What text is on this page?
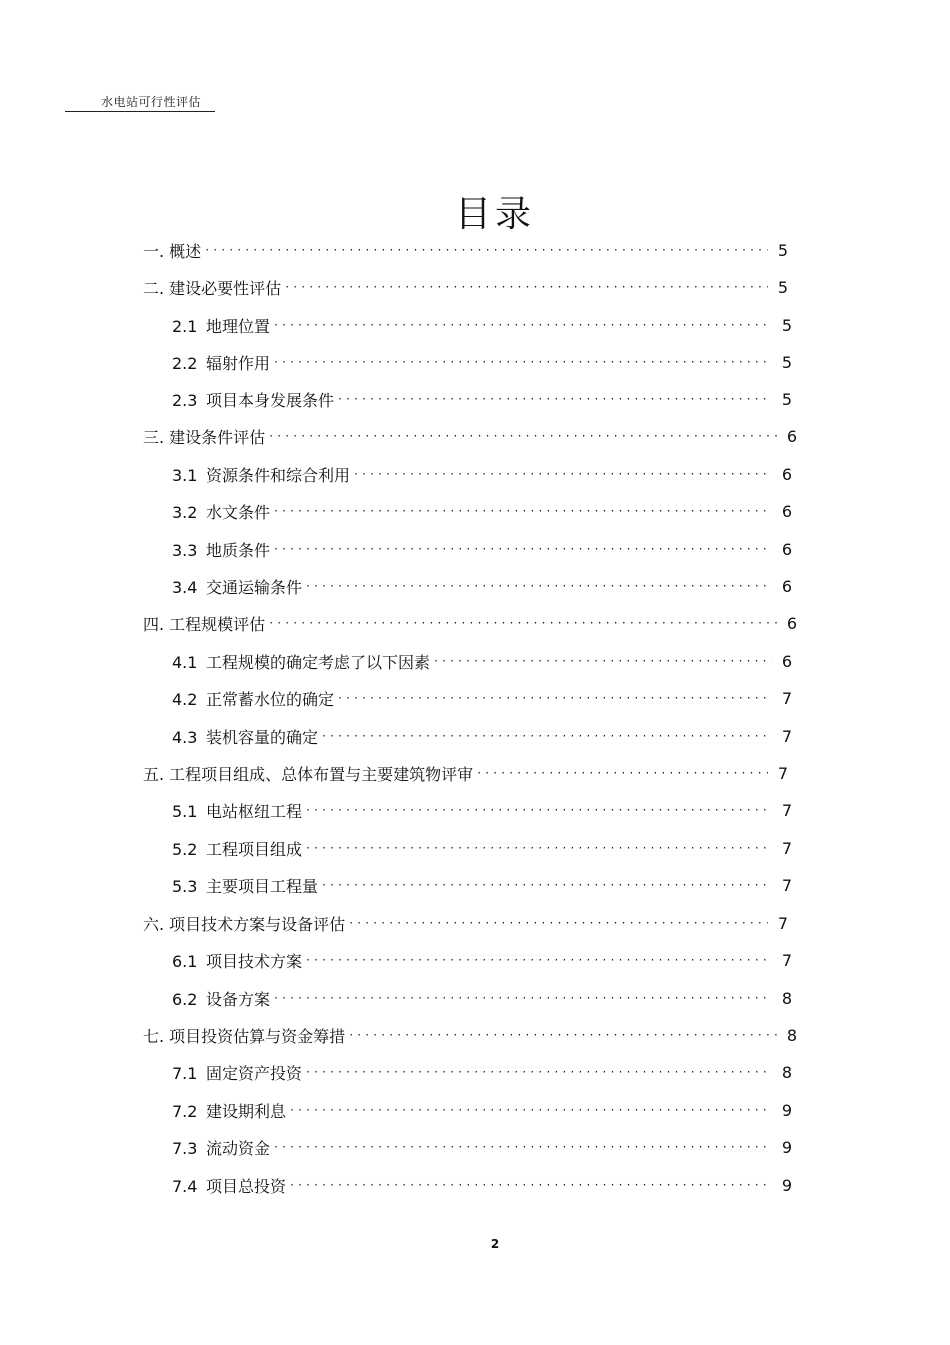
水电站可行性评估
目录
一. 概述 ·····	5
二. 建设必要性评估 ·····	5
2.1 地理位置 ·····	5
2.2 辐射作用 ·····	5
2.3 项目本身发展条件 ·····	5
三. 建设条件评估 ·····	6
3.1 资源条件和综合利用 ·····	6
3.2 水文条件 ·····	6
3.3 地质条件 ·····	6
3.4 交通运输条件 ·····	6
四. 工程规模评估 ·····	6
4.1 工程规模的确定考虑了以下因素 ·····	6
4.2 正常蓄水位的确定 ·····	7
4.3 装机容量的确定 ·····	7
五. 工程项目组成、总体布置与主要建筑物评审 ·····	7
5.1 电站枢纽工程 ·····	7
5.2 工程项目组成 ·····	7
5.3 主要项目工程量 ·····	7
六. 项目技术方案与设备评估 ·····	7
6.1 项目技术方案 ·····	7
6.2 设备方案 ·····	8
七. 项目投资估算与资金筹措 ·····	8
7.1 固定资产投资 ·····	8
7.2 建设期利息 ·····	9
7.3 流动资金 ·····	9
7.4 项目总投资 ·····	9
2
